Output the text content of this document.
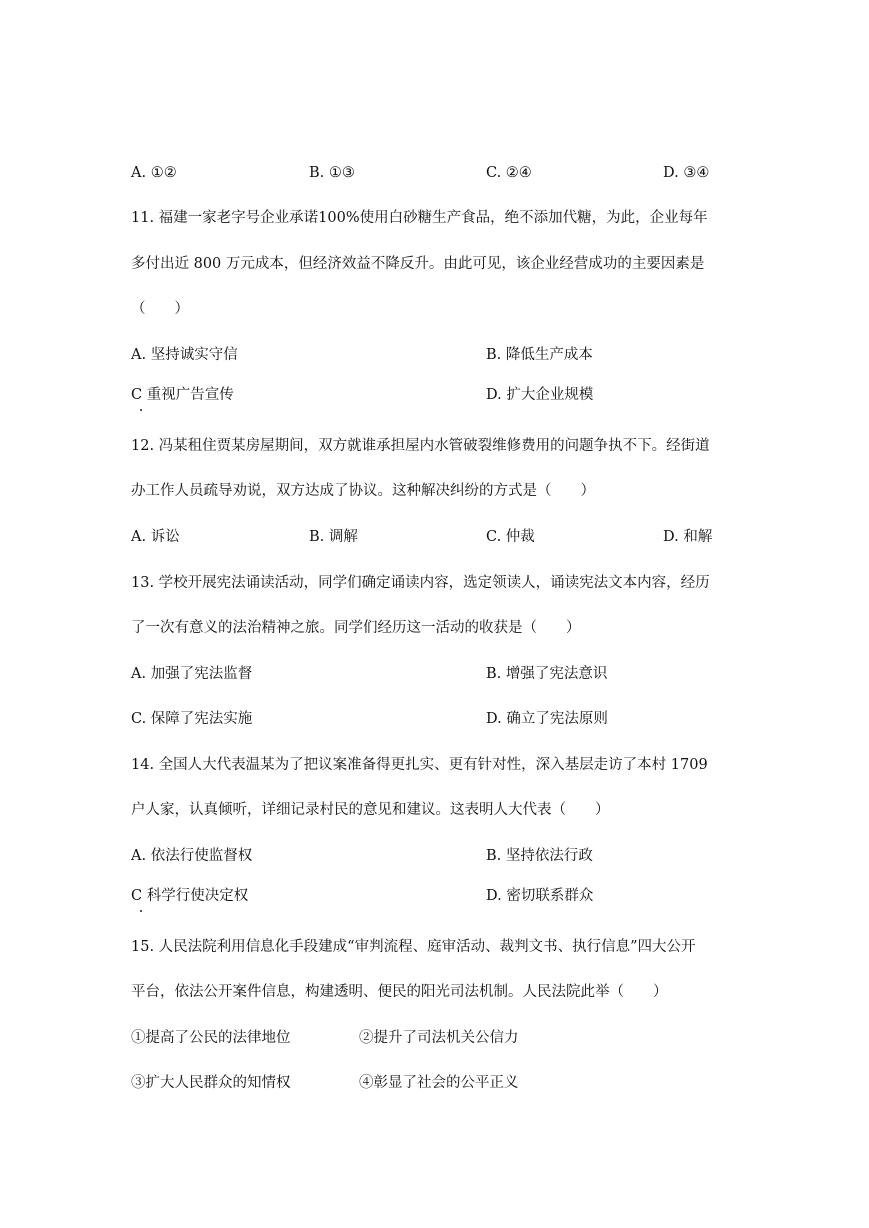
A. ①②	B. ①③	C. ②④	D. ③④
11. 福建一家老字号企业承诺100%使用白砂糖生产食品，绝不添加代糖，为此，企业每年
多付出近 800 万元成本，但经济效益不降反升。由此可见，该企业经营成功的主要因素是
（　　）
A. 坚持诚实守信	B. 降低生产成本
C 重视广告宣传	D. 扩大企业规模
12. 冯某租住贾某房屋期间，双方就谁承担屋内水管破裂维修费用的问题争执不下。经街道
办工作人员疏导劝说，双方达成了协议。这种解决纠纷的方式是（　　）
A. 诉讼	B. 调解	C. 仲裁	D. 和解
13. 学校开展宪法诵读活动，同学们确定诵读内容，选定领读人，诵读宪法文本内容，经历
了一次有意义的法治精神之旅。同学们经历这一活动的收获是（　　）
A. 加强了宪法监督	B. 增强了宪法意识
C. 保障了宪法实施	D. 确立了宪法原则
14. 全国人大代表温某为了把议案准备得更扎实、更有针对性，深入基层走访了本村 1709
户人家，认真倾听，详细记录村民的意见和建议。这表明人大代表（　　）
A. 依法行使监督权	B. 坚持依法行政
C 科学行使决定权	D. 密切联系群众
15. 人民法院利用信息化手段建成“审判流程、庭审活动、裁判文书、执行信息”四大公开
平台，依法公开案件信息，构建透明、便民的阳光司法机制。人民法院此举（　　）
①提高了公民的法律地位	②提升了司法机关公信力
③扩大人民群众的知情权	④彰显了社会的公平正义
